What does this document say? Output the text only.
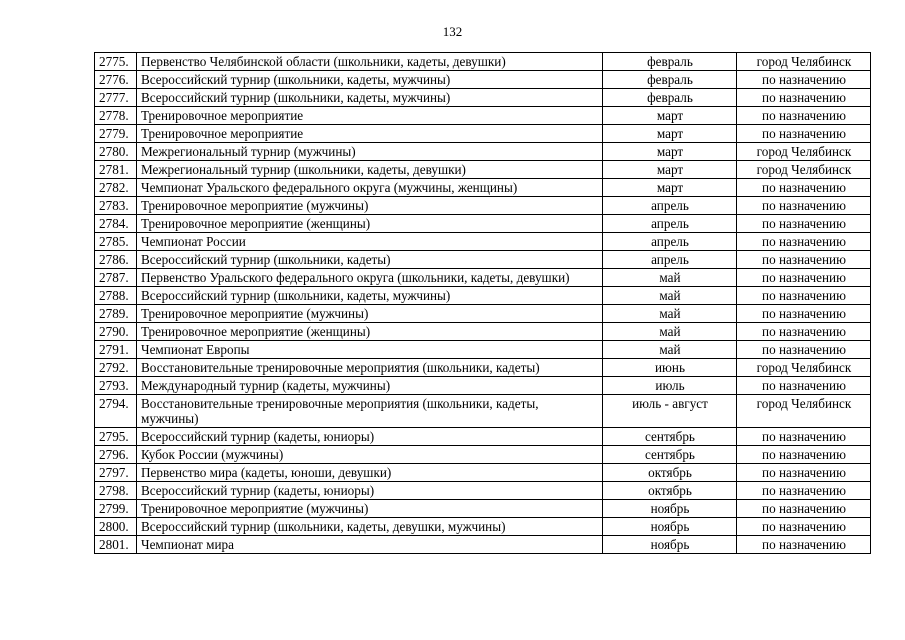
132
2775.	Первенство Челябинской области (школьники, кадеты, девушки)	февраль	город Челябинск
2776.	Всероссийский турнир (школьники, кадеты, мужчины)	февраль	по назначению
2777.	Всероссийский турнир (школьники, кадеты, мужчины)	февраль	по назначению
2778.	Тренировочное мероприятие	март	по назначению
2779.	Тренировочное мероприятие	март	по назначению
2780.	Межрегиональный турнир (мужчины)	март	город Челябинск
2781.	Межрегиональный турнир (школьники, кадеты, девушки)	март	город Челябинск
2782.	Чемпионат Уральского федерального округа (мужчины, женщины)	март	по назначению
2783.	Тренировочное мероприятие (мужчины)	апрель	по назначению
2784.	Тренировочное мероприятие (женщины)	апрель	по назначению
2785.	Чемпионат России	апрель	по назначению
2786.	Всероссийский турнир (школьники, кадеты)	апрель	по назначению
2787.	Первенство Уральского федерального округа (школьники, кадеты, девушки)	май	по назначению
2788.	Всероссийский турнир (школьники, кадеты, мужчины)	май	по назначению
2789.	Тренировочное мероприятие (мужчины)	май	по назначению
2790.	Тренировочное мероприятие (женщины)	май	по назначению
2791.	Чемпионат Европы	май	по назначению
2792.	Восстановительные тренировочные мероприятия (школьники, кадеты)	июнь	город Челябинск
2793.	Международный турнир (кадеты, мужчины)	июль	по назначению
2794.	Восстановительные тренировочные мероприятия (школьники, кадеты, мужчины)	июль - август	город Челябинск
2795.	Всероссийский турнир (кадеты, юниоры)	сентябрь	по назначению
2796.	Кубок России (мужчины)	сентябрь	по назначению
2797.	Первенство мира (кадеты, юноши, девушки)	октябрь	по назначению
2798.	Всероссийский турнир (кадеты, юниоры)	октябрь	по назначению
2799.	Тренировочное мероприятие (мужчины)	ноябрь	по назначению
2800.	Всероссийский турнир (школьники, кадеты, девушки, мужчины)	ноябрь	по назначению
2801.	Чемпионат мира	ноябрь	по назначению
